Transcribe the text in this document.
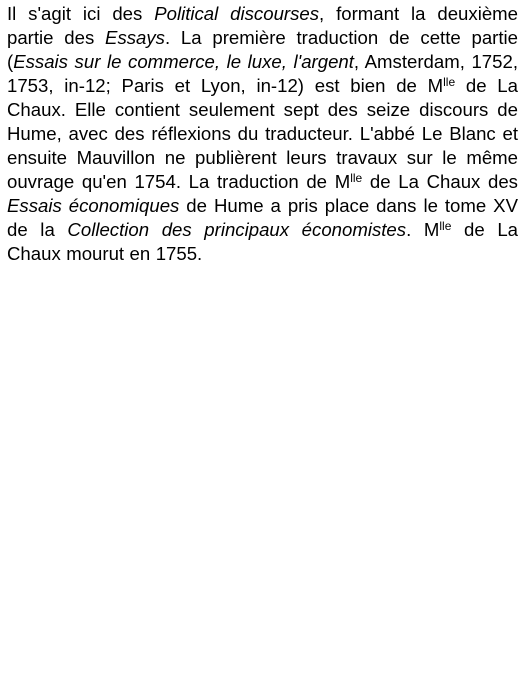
Il s'agit ici des Political discourses, formant la deuxième partie des Essays. La première traduction de cette partie (Essais sur le commerce, le luxe, l'argent, Amsterdam, 1752, 1753, in-12; Paris et Lyon, in-12) est bien de $M^{lle}$ de La Chaux. Elle contient seulement sept des seize discours de Hume, avec des réflexions du traducteur. L'abbé Le Blanc et ensuite Mauvillon ne publièrent leurs travaux sur le même ouvrage qu'en 1754. La traduction de $M^{lle}$ de La Chaux des Essais économiques de Hume a pris place dans le tome XV de la Collection des principaux économistes. $M^{lle}$ de La Chaux mourut en 1755.
